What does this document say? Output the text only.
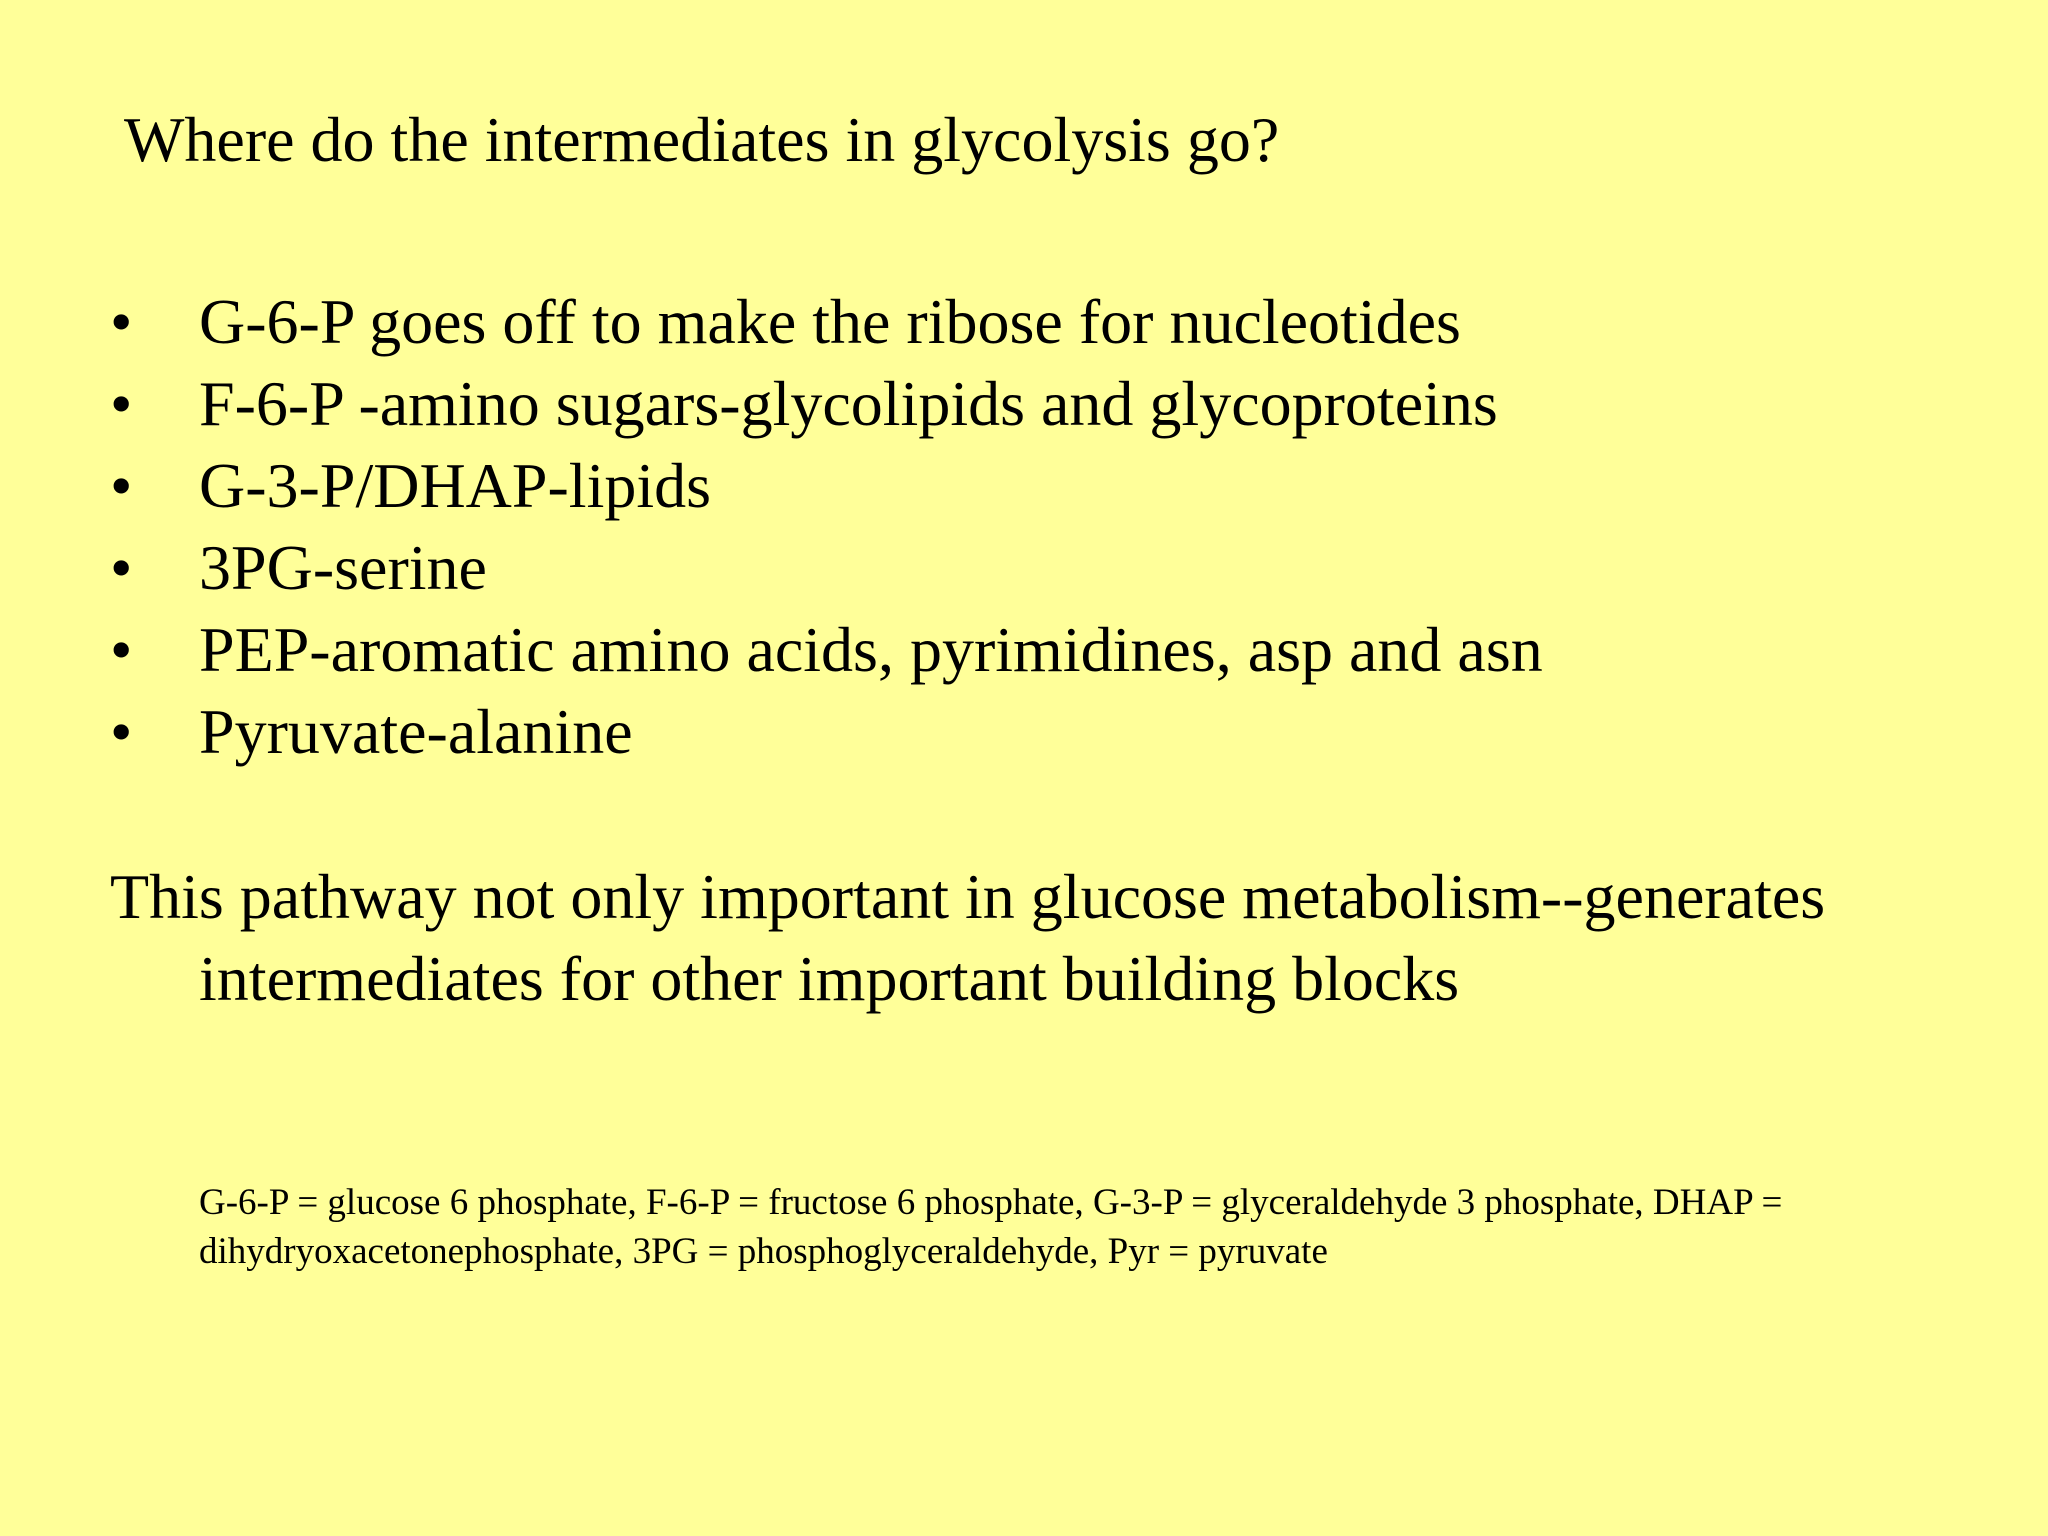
Where do the intermediates in glycolysis go?
• G-6-P goes off to make the ribose for nucleotides
• F-6-P -amino sugars-glycolipids and glycoproteins
• G-3-P/DHAP-lipids
• 3PG-serine
• PEP-aromatic amino acids, pyrimidines, asp and asn
• Pyruvate-alanine

This pathway not only important in glucose metabolism--generates
intermediates for other important building blocks

G-6-P = glucose 6 phosphate, F-6-P = fructose 6 phosphate, G-3-P = glyceraldehyde 3 phosphate, DHAP =
dihydryoxacetonephosphate, 3PG = phosphoglyceraldehyde, Pyr = pyruvate
